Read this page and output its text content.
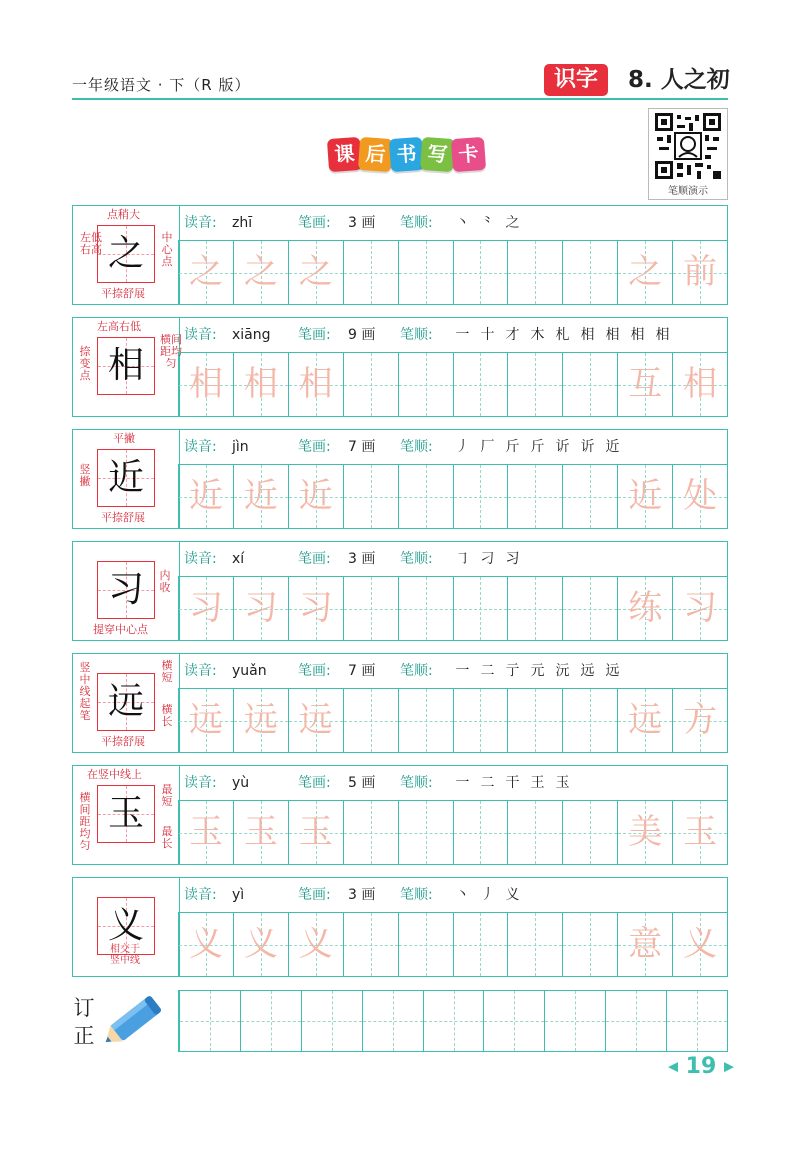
一年级语文 · 下（R 版）	识字	8. 人之初
课 后 书 写 卡
笔顺演示
之
点稍大
左低右高
中心点
平捺舒展
读音: zhī	笔画: 3 画 笔顺:	丶 ⺀ 之
之 之 之	之 前
相
左高右低
捺变点
横间距均匀
读音: xiāng 笔画: 9 画 笔顺:	一 十 才 木 札 相 相 相 相
相 相 相	互 相
近
平撇
竖撇
平捺舒展
读音: jìn	笔画: 7 画 笔顺:	丿 厂 斤 斤 䜣 䜣 近
近 近 近	近 处
习	内收
提穿中心点
读音: xí	笔画: 3 画 笔顺:	㇆ 刁 习
习 习 习	练 习
远
竖中线起笔
横短
横长
平捺舒展
读音: yuǎn 笔画: 7 画 笔顺:	一 二 亍 元 沅 远 远
远 远 远	远 方
玉
在竖中线上
横间距均匀
最短
最长
读音: yù	笔画: 5 画 笔顺:	一 二 干 王 玉
玉 玉 玉	美 玉
义
相交于竖中线
读音: yì	笔画: 3 画 笔顺:	丶 丿 义
义 义 义	意 义
订正
◀ 19 ▶
